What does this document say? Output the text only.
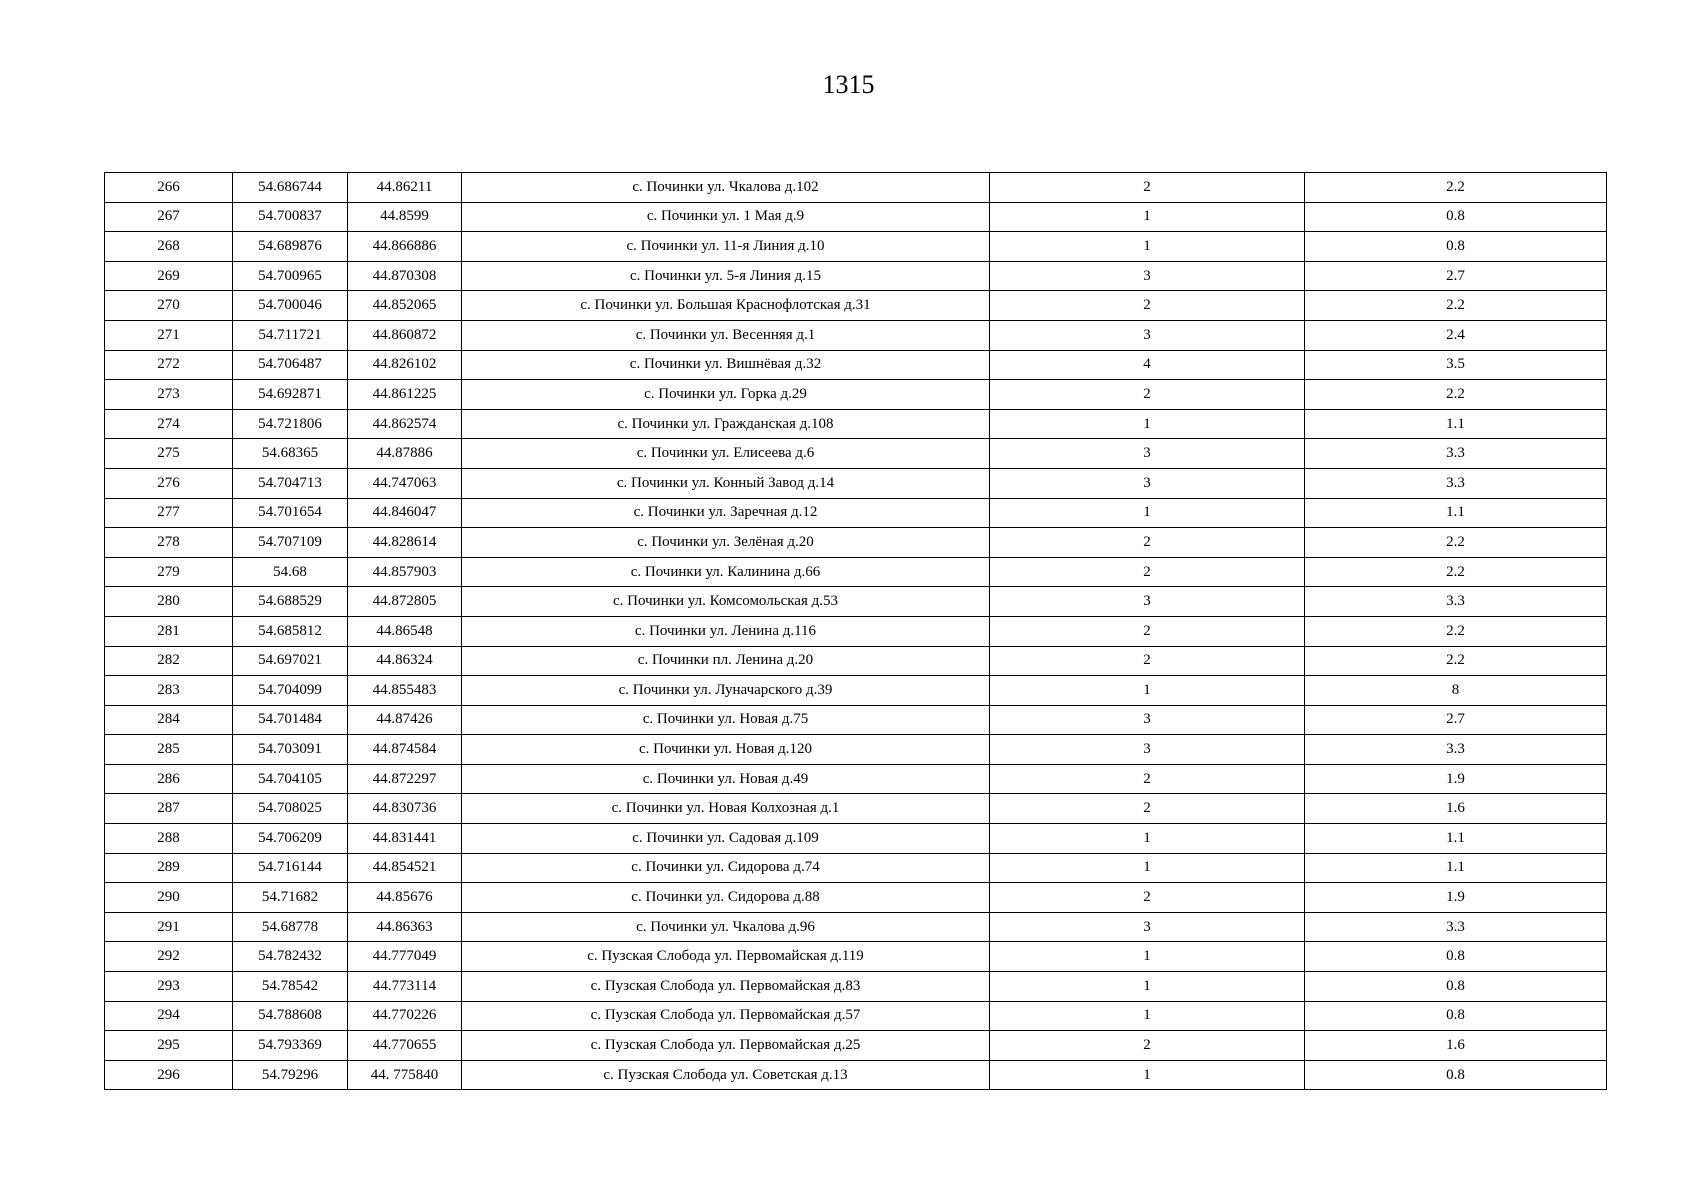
1315
266	54.686744	44.86211	с. Починки ул. Чкалова д.102	2	2.2
267	54.700837	44.8599	с. Починки ул. 1 Мая д.9	1	0.8
268	54.689876	44.866886	с. Починки ул. 11-я Линия д.10	1	0.8
269	54.700965	44.870308	с. Починки ул. 5-я Линия д.15	3	2.7
270	54.700046	44.852065	с. Починки ул. Большая Краснофлотская д.31	2	2.2
271	54.711721	44.860872	с. Починки ул. Весенняя д.1	3	2.4
272	54.706487	44.826102	с. Починки ул. Вишнёвая д.32	4	3.5
273	54.692871	44.861225	с. Починки ул. Горка д.29	2	2.2
274	54.721806	44.862574	с. Починки ул. Гражданская д.108	1	1.1
275	54.68365	44.87886	с. Починки ул. Елисеева д.6	3	3.3
276	54.704713	44.747063	с. Починки ул. Конный Завод д.14	3	3.3
277	54.701654	44.846047	с. Починки ул. Заречная д.12	1	1.1
278	54.707109	44.828614	с. Починки ул. Зелёная д.20	2	2.2
279	54.68	44.857903	с. Починки ул. Калинина д.66	2	2.2
280	54.688529	44.872805	с. Починки ул. Комсомольская д.53	3	3.3
281	54.685812	44.86548	с. Починки ул. Ленина д.116	2	2.2
282	54.697021	44.86324	с. Починки пл. Ленина д.20	2	2.2
283	54.704099	44.855483	с. Починки ул. Луначарского д.39	1	8
284	54.701484	44.87426	с. Починки ул. Новая д.75	3	2.7
285	54.703091	44.874584	с. Починки ул. Новая д.120	3	3.3
286	54.704105	44.872297	с. Починки ул. Новая д.49	2	1.9
287	54.708025	44.830736	с. Починки ул. Новая Колхозная д.1	2	1.6
288	54.706209	44.831441	с. Починки ул. Садовая д.109	1	1.1
289	54.716144	44.854521	с. Починки ул. Сидорова д.74	1	1.1
290	54.71682	44.85676	с. Починки ул. Сидорова д.88	2	1.9
291	54.68778	44.86363	с. Починки ул. Чкалова д.96	3	3.3
292	54.782432	44.777049	с. Пузская Слобода ул. Первомайская д.119	1	0.8
293	54.78542	44.773114	с. Пузская Слобода ул. Первомайская д.83	1	0.8
294	54.788608	44.770226	с. Пузская Слобода ул. Первомайская д.57	1	0.8
295	54.793369	44.770655	с. Пузская Слобода ул. Первомайская д.25	2	1.6
296	54.79296	44. 775840	с. Пузская Слобода ул. Советская д.13	1	0.8
